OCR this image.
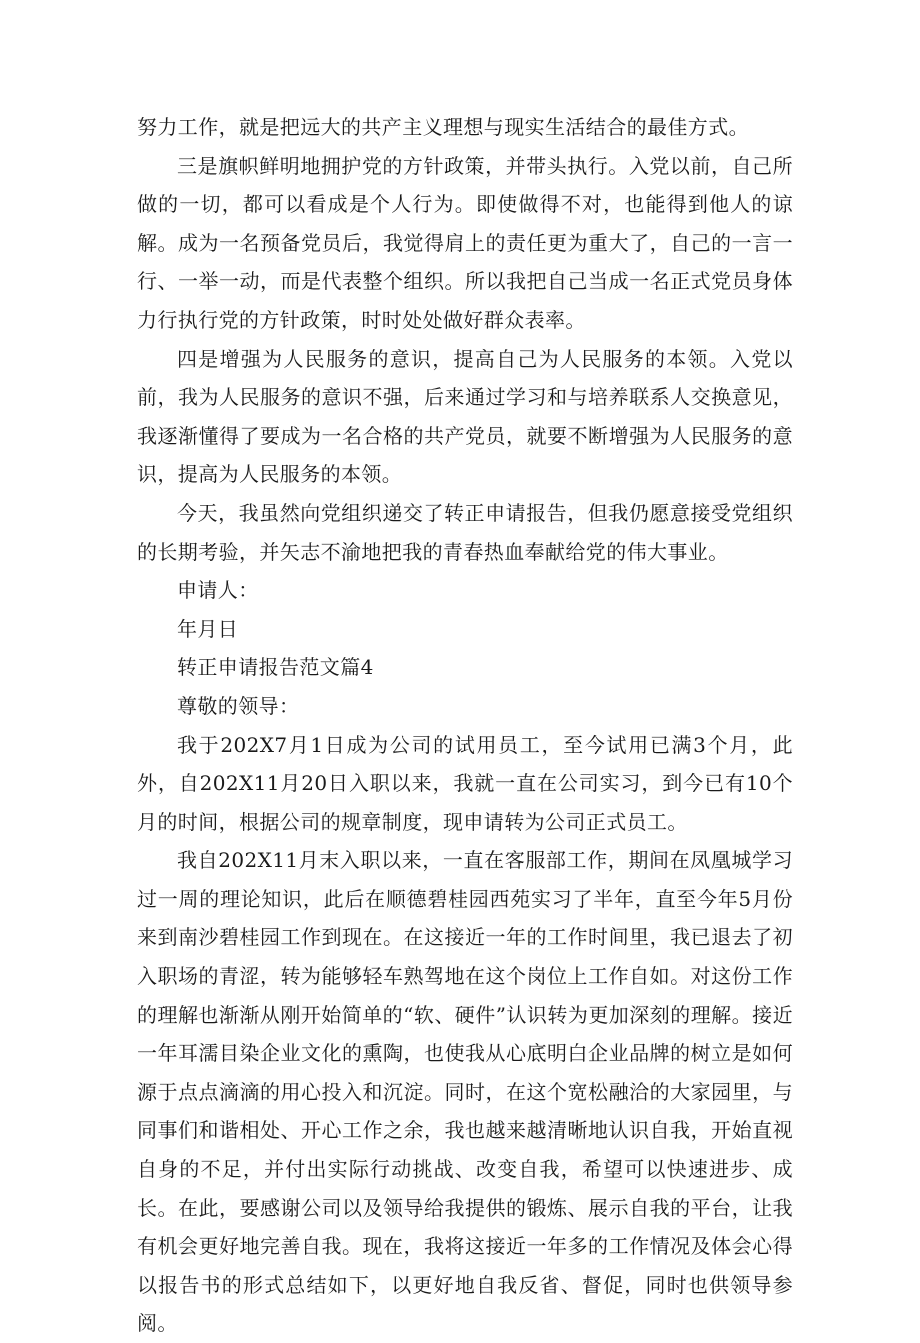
努力工作，就是把远大的共产主义理想与现实生活结合的最佳方式。

三是旗帜鲜明地拥护党的方针政策，并带头执行。入党以前，自己所做的一切，都可以看成是个人行为。即使做得不对，也能得到他人的谅解。成为一名预备党员后，我觉得肩上的责任更为重大了，自己的一言一行、一举一动，而是代表整个组织。所以我把自己当成一名正式党员身体力行执行党的方针政策，时时处处做好群众表率。

四是增强为人民服务的意识，提高自己为人民服务的本领。入党以前，我为人民服务的意识不强，后来通过学习和与培养联系人交换意见，我逐渐懂得了要成为一名合格的共产党员，就要不断增强为人民服务的意识，提高为人民服务的本领。

今天，我虽然向党组织递交了转正申请报告，但我仍愿意接受党组织的长期考验，并矢志不渝地把我的青春热血奉献给党的伟大事业。

申请人：

年月日

转正申请报告范文篇4

尊敬的领导：

我于202X7月1日成为公司的试用员工，至今试用已满3个月，此外，自202X11月20日入职以来，我就一直在公司实习，到今已有10个月的时间，根据公司的规章制度，现申请转为公司正式员工。

我自202X11月末入职以来，一直在客服部工作，期间在凤凰城学习过一周的理论知识，此后在顺德碧桂园西苑实习了半年，直至今年5月份来到南沙碧桂园工作到现在。在这接近一年的工作时间里，我已退去了初入职场的青涩，转为能够轻车熟驾地在这个岗位上工作自如。对这份工作的理解也渐渐从刚开始简单的“软、硬件”认识转为更加深刻的理解。接近一年耳濡目染企业文化的熏陶，也使我从心底明白企业品牌的树立是如何源于点点滴滴的用心投入和沉淀。同时，在这个宽松融洽的大家园里，与同事们和谐相处、开心工作之余，我也越来越清晰地认识自我，开始直视自身的不足，并付出实际行动挑战、改变自我，希望可以快速进步、成长。在此，要感谢公司以及领导给我提供的锻炼、展示自我的平台，让我有机会更好地完善自我。现在，我将这接近一年多的工作情况及体会心得以报告书的形式总结如下，以更好地自我反省、督促，同时也供领导参阅。
